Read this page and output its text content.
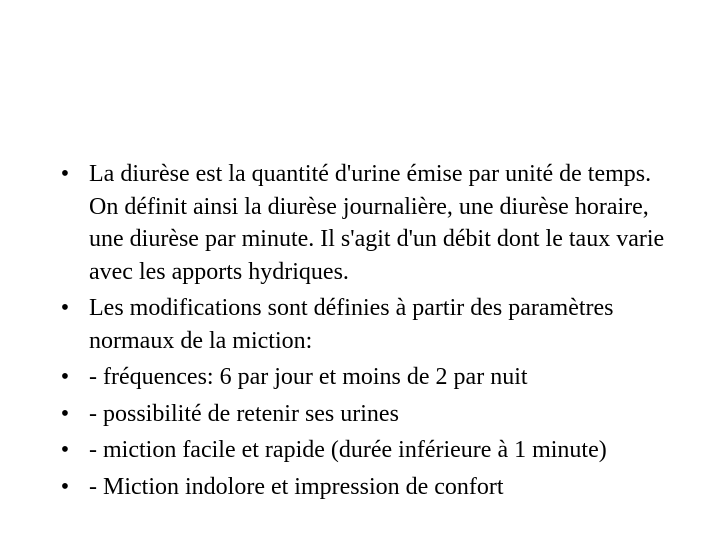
• La diurèse est la quantité d'urine émise par unité de temps. On définit ainsi la diurèse journalière, une diurèse horaire, une diurèse par minute. Il s'agit d'un débit dont le taux varie avec les apports hydriques.
• Les modifications sont définies à partir des paramètres normaux de la miction:
• - fréquences: 6 par jour et moins de 2 par nuit
• - possibilité de retenir ses urines
• - miction facile et rapide (durée inférieure à 1 minute)
• - Miction indolore et impression de confort
